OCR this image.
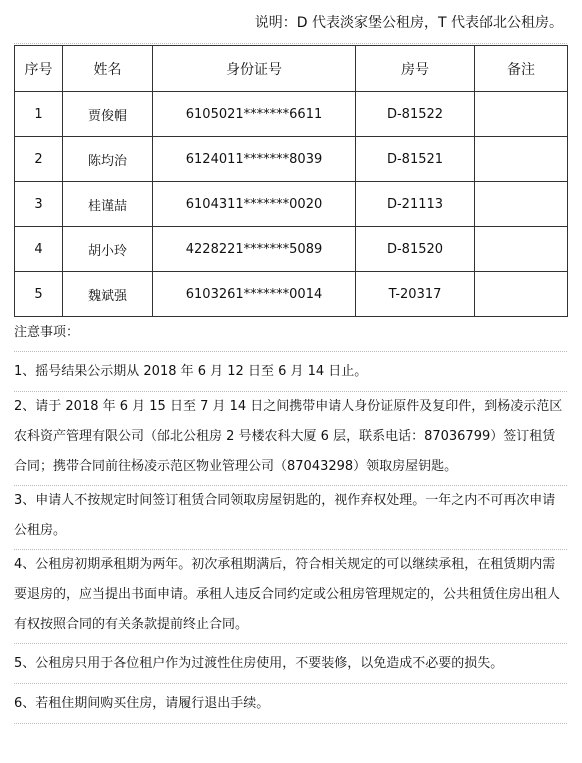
说明：D 代表淡家堡公租房，T 代表邰北公租房。
序号	姓名	身份证号	房号	备注
1	贾俊帽	6105021*******6611	D-81522	
2	陈均治	6124011*******8039	D-81521	
3	桂谨喆	6104311*******0020	D-21113	
4	胡小玲	4228221*******5089	D-81520	
5	魏斌强	6103261*******0014	T-20317	
注意事项：
1、摇号结果公示期从 2018 年 6 月 12 日至 6 月 14 日止。
2、请于 2018 年 6 月 15 日至 7 月 14 日之间携带申请人身份证原件及复印件，到杨凌示范区农科资产管理有限公司（邰北公租房 2 号楼农科大厦 6 层，联系电话：87036799）签订租赁合同；携带合同前往杨凌示范区物业管理公司（87043298）领取房屋钥匙。
3、申请人不按规定时间签订租赁合同领取房屋钥匙的，视作弃权处理。一年之内不可再次申请公租房。
4、公租房初期承租期为两年。初次承租期满后，符合相关规定的可以继续承租，在租赁期内需要退房的，应当提出书面申请。承租人违反合同约定或公租房管理规定的，公共租赁住房出租人有权按照合同的有关条款提前终止合同。
5、公租房只用于各位租户作为过渡性住房使用，不要装修，以免造成不必要的损失。
6、若租住期间购买住房，请履行退出手续。
